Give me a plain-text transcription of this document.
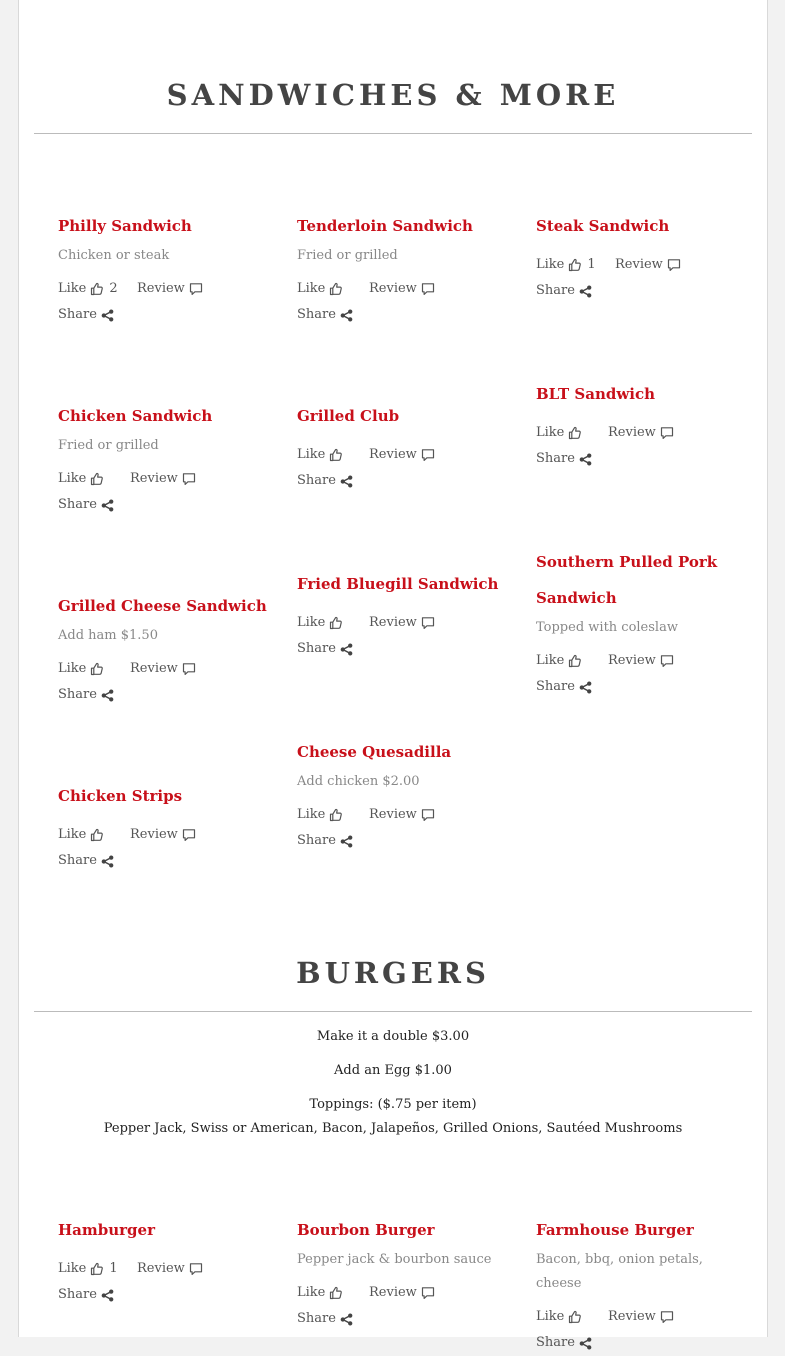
SANDWICHES & MORE
Philly Sandwich

Chicken or steak

Like 2 Review
Share
Tenderloin Sandwich

Fried or grilled

Like	Review
Share
Steak Sandwich
Like 1 Review
Share
Chicken Sandwich

Fried or grilled

Like	Review
Share
Grilled Club
Like	Review
Share
BLT Sandwich
Like	Review
Share
Grilled Cheese Sandwich

Add ham $1.50

Like	Review
Share
Fried Bluegill Sandwich
Like	Review
Share
Southern Pulled Pork Sandwich

Topped with coleslaw

Like	Review
Share
Chicken Strips
Like	Review
Share
Cheese Quesadilla

Add chicken $2.00

Like	Review
Share
BURGERS
Make it a double $3.00
Add an Egg $1.00
Toppings: ($.75 per item)
Pepper Jack, Swiss or American, Bacon, Jalapeños, Grilled Onions, Sautéed Mushrooms
Hamburger
Like 1 Review
Share
Bourbon Burger

Pepper jack & bourbon sauce

Like	Review
Share
Farmhouse Burger

Bacon, bbq, onion petals, cheese

Like	Review
Share
